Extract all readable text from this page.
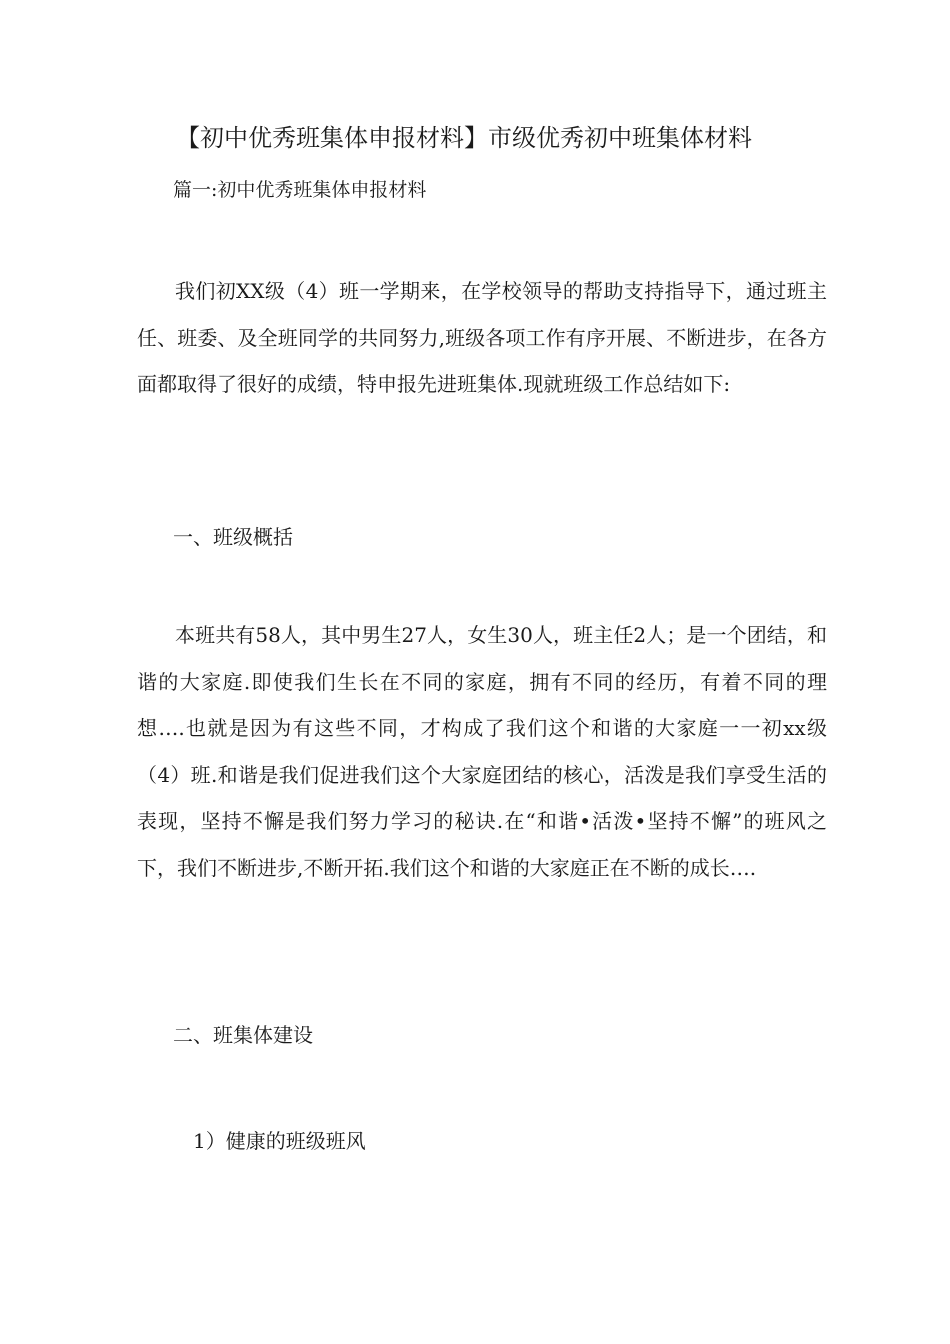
【初中优秀班集体申报材料】市级优秀初中班集体材料
篇一:初中优秀班集体申报材料

我们初XX级（4）班一学期来，在学校领导的帮助支持指导下，通过班主任、班委、及全班同学的共同努力,班级各项工作有序开展、不断进步，在各方面都取得了很好的成绩，特申报先进班集体.现就班级工作总结如下:

一、班级概括

本班共有58人，其中男生27人，女生30人，班主任2人；是一个团结，和谐的大家庭.即使我们生长在不同的家庭，拥有不同的经历，有着不同的理想….也就是因为有这些不同，才构成了我们这个和谐的大家庭一一初xx级（4）班.和谐是我们促进我们这个大家庭团结的核心，活泼是我们享受生活的表现，坚持不懈是我们努力学习的秘诀.在“和谐•活泼•坚持不懈”的班风之下，我们不断进步,不断开拓.我们这个和谐的大家庭正在不断的成长….

二、班集体建设
1）健康的班级班风
